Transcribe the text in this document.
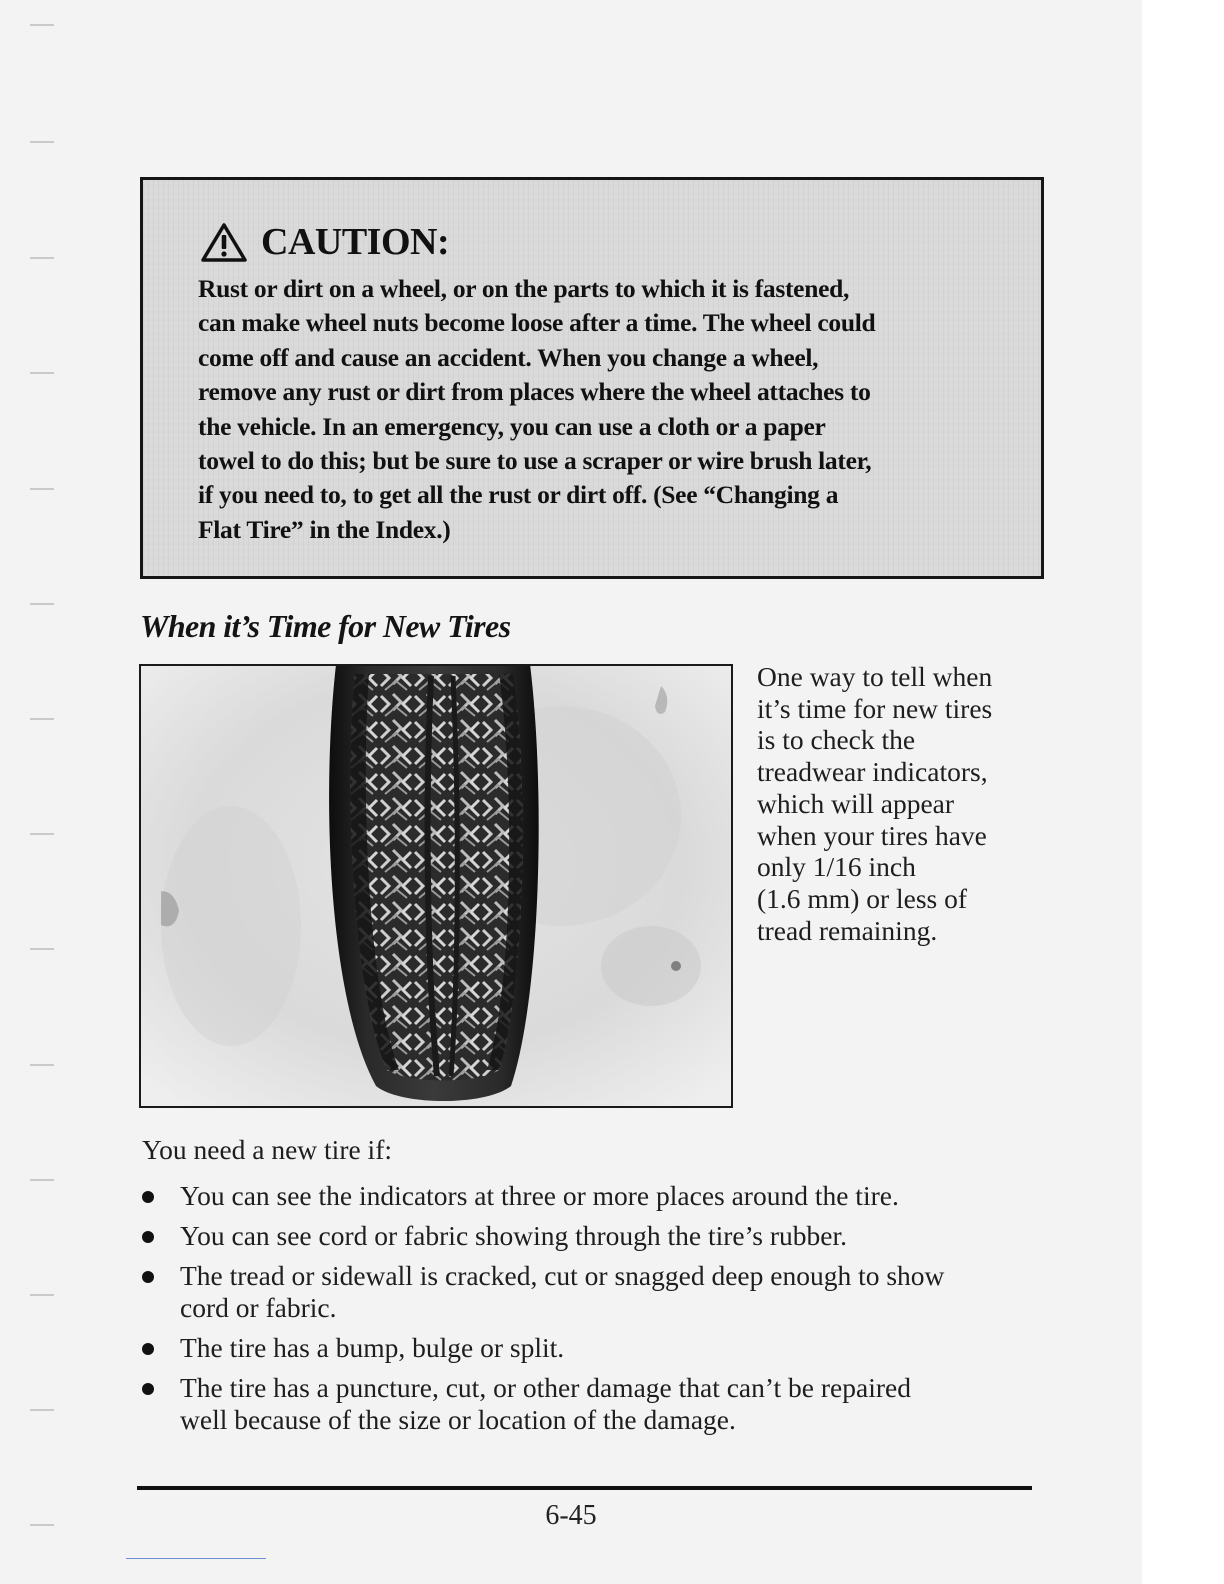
CAUTION:
Rust or dirt on a wheel, or on the parts to which it is fastened,
can make wheel nuts become loose after a time. The wheel could
come off and cause an accident. When you change a wheel,
remove any rust or dirt from places where the wheel attaches to
the vehicle. In an emergency, you can use a cloth or a paper
towel to do this; but be sure to use a scraper or wire brush later,
if you need to, to get all the rust or dirt off. (See “Changing a
Flat Tire” in the Index.)
When it’s Time for New Tires
One way to tell when
it’s time for new tires
is to check the
treadwear indicators,
which will appear
when your tires have
only 1/16 inch
(1.6 mm) or less of
tread remaining.
You need a new tire if:
You can see the indicators at three or more places around the tire.
You can see cord or fabric showing through the tire’s rubber.
The tread or sidewall is cracked, cut or snagged deep enough to show
cord or fabric.
The tire has a bump, bulge or split.
The tire has a puncture, cut, or other damage that can’t be repaired
well because of the size or location of the damage.
6-45
